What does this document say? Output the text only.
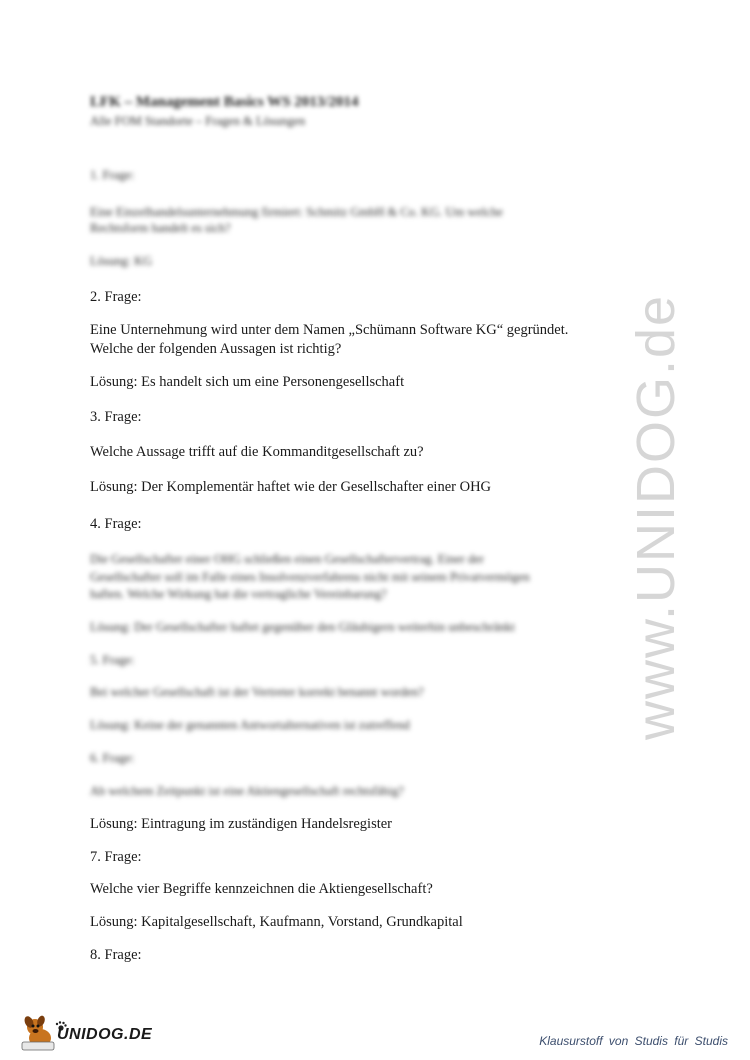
LFK – Management Basics WS 2013/2014
Alle FOM Standorte – Fragen & Lösungen
1. Frage:
Eine Einzelhandelsunternehmung firmiert: Schmitz GmbH & Co. KG. Um welche
Rechtsform handelt es sich?
Lösung: KG
2. Frage:
Eine Unternehmung wird unter dem Namen „Schümann Software KG“ gegründet.
Welche der folgenden Aussagen ist richtig?
Lösung: Es handelt sich um eine Personengesellschaft
3. Frage:
Welche Aussage trifft auf die Kommanditgesellschaft zu?
Lösung: Der Komplementär haftet wie der Gesellschafter einer OHG
4. Frage:
Die Gesellschafter einer OHG schließen einen Gesellschaftervertrag. Einer der
Gesellschafter soll im Falle eines Insolvenzverfahrens nicht mit seinem Privatvermögen
haften. Welche Wirkung hat die vertragliche Vereinbarung?
Lösung: Der Gesellschafter haftet gegenüber den Gläubigern weiterhin unbeschränkt
5. Frage:
Bei welcher Gesellschaft ist der Vertreter korrekt benannt worden?
Lösung: Keine der genannten Antwortalternativen ist zutreffend
6. Frage:
Ab welchem Zeitpunkt ist eine Aktiengesellschaft rechtsfähig?
Lösung: Eintragung im zuständigen Handelsregister
7. Frage:
Welche vier Begriffe kennzeichnen die Aktiengesellschaft?
Lösung: Kapitalgesellschaft, Kaufmann, Vorstand, Grundkapital
8. Frage:
www.UNIDOG.de
UNIDOG.DE	Klausurstoff von Studis für Studis
